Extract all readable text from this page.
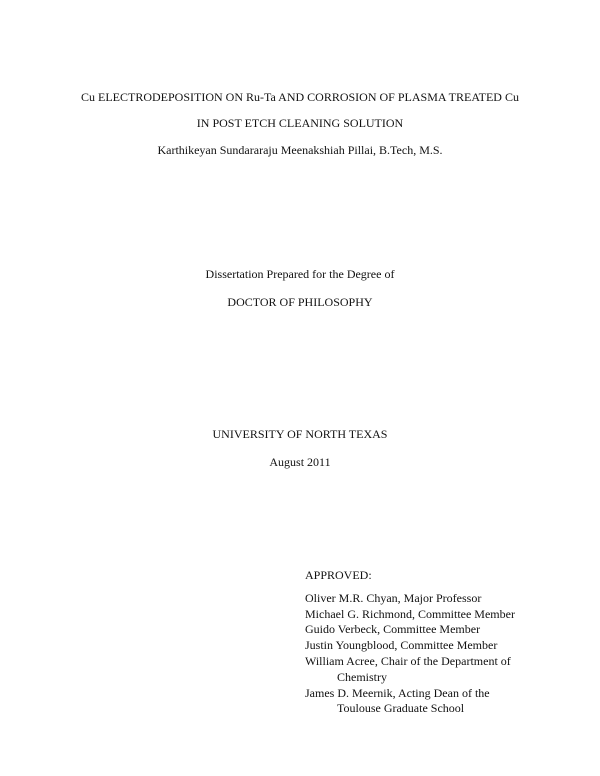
Cu ELECTRODEPOSITION ON Ru-Ta AND CORROSION OF PLASMA TREATED Cu
IN POST ETCH CLEANING SOLUTION
Karthikeyan Sundararaju Meenakshiah Pillai, B.Tech, M.S.
Dissertation Prepared for the Degree of
DOCTOR OF PHILOSOPHY
UNIVERSITY OF NORTH TEXAS
August 2011
APPROVED:
Oliver M.R. Chyan, Major Professor
Michael G. Richmond, Committee Member
Guido Verbeck, Committee Member
Justin Youngblood, Committee Member
William Acree, Chair of the Department of
Chemistry
James D. Meernik, Acting Dean of the
Toulouse Graduate School
